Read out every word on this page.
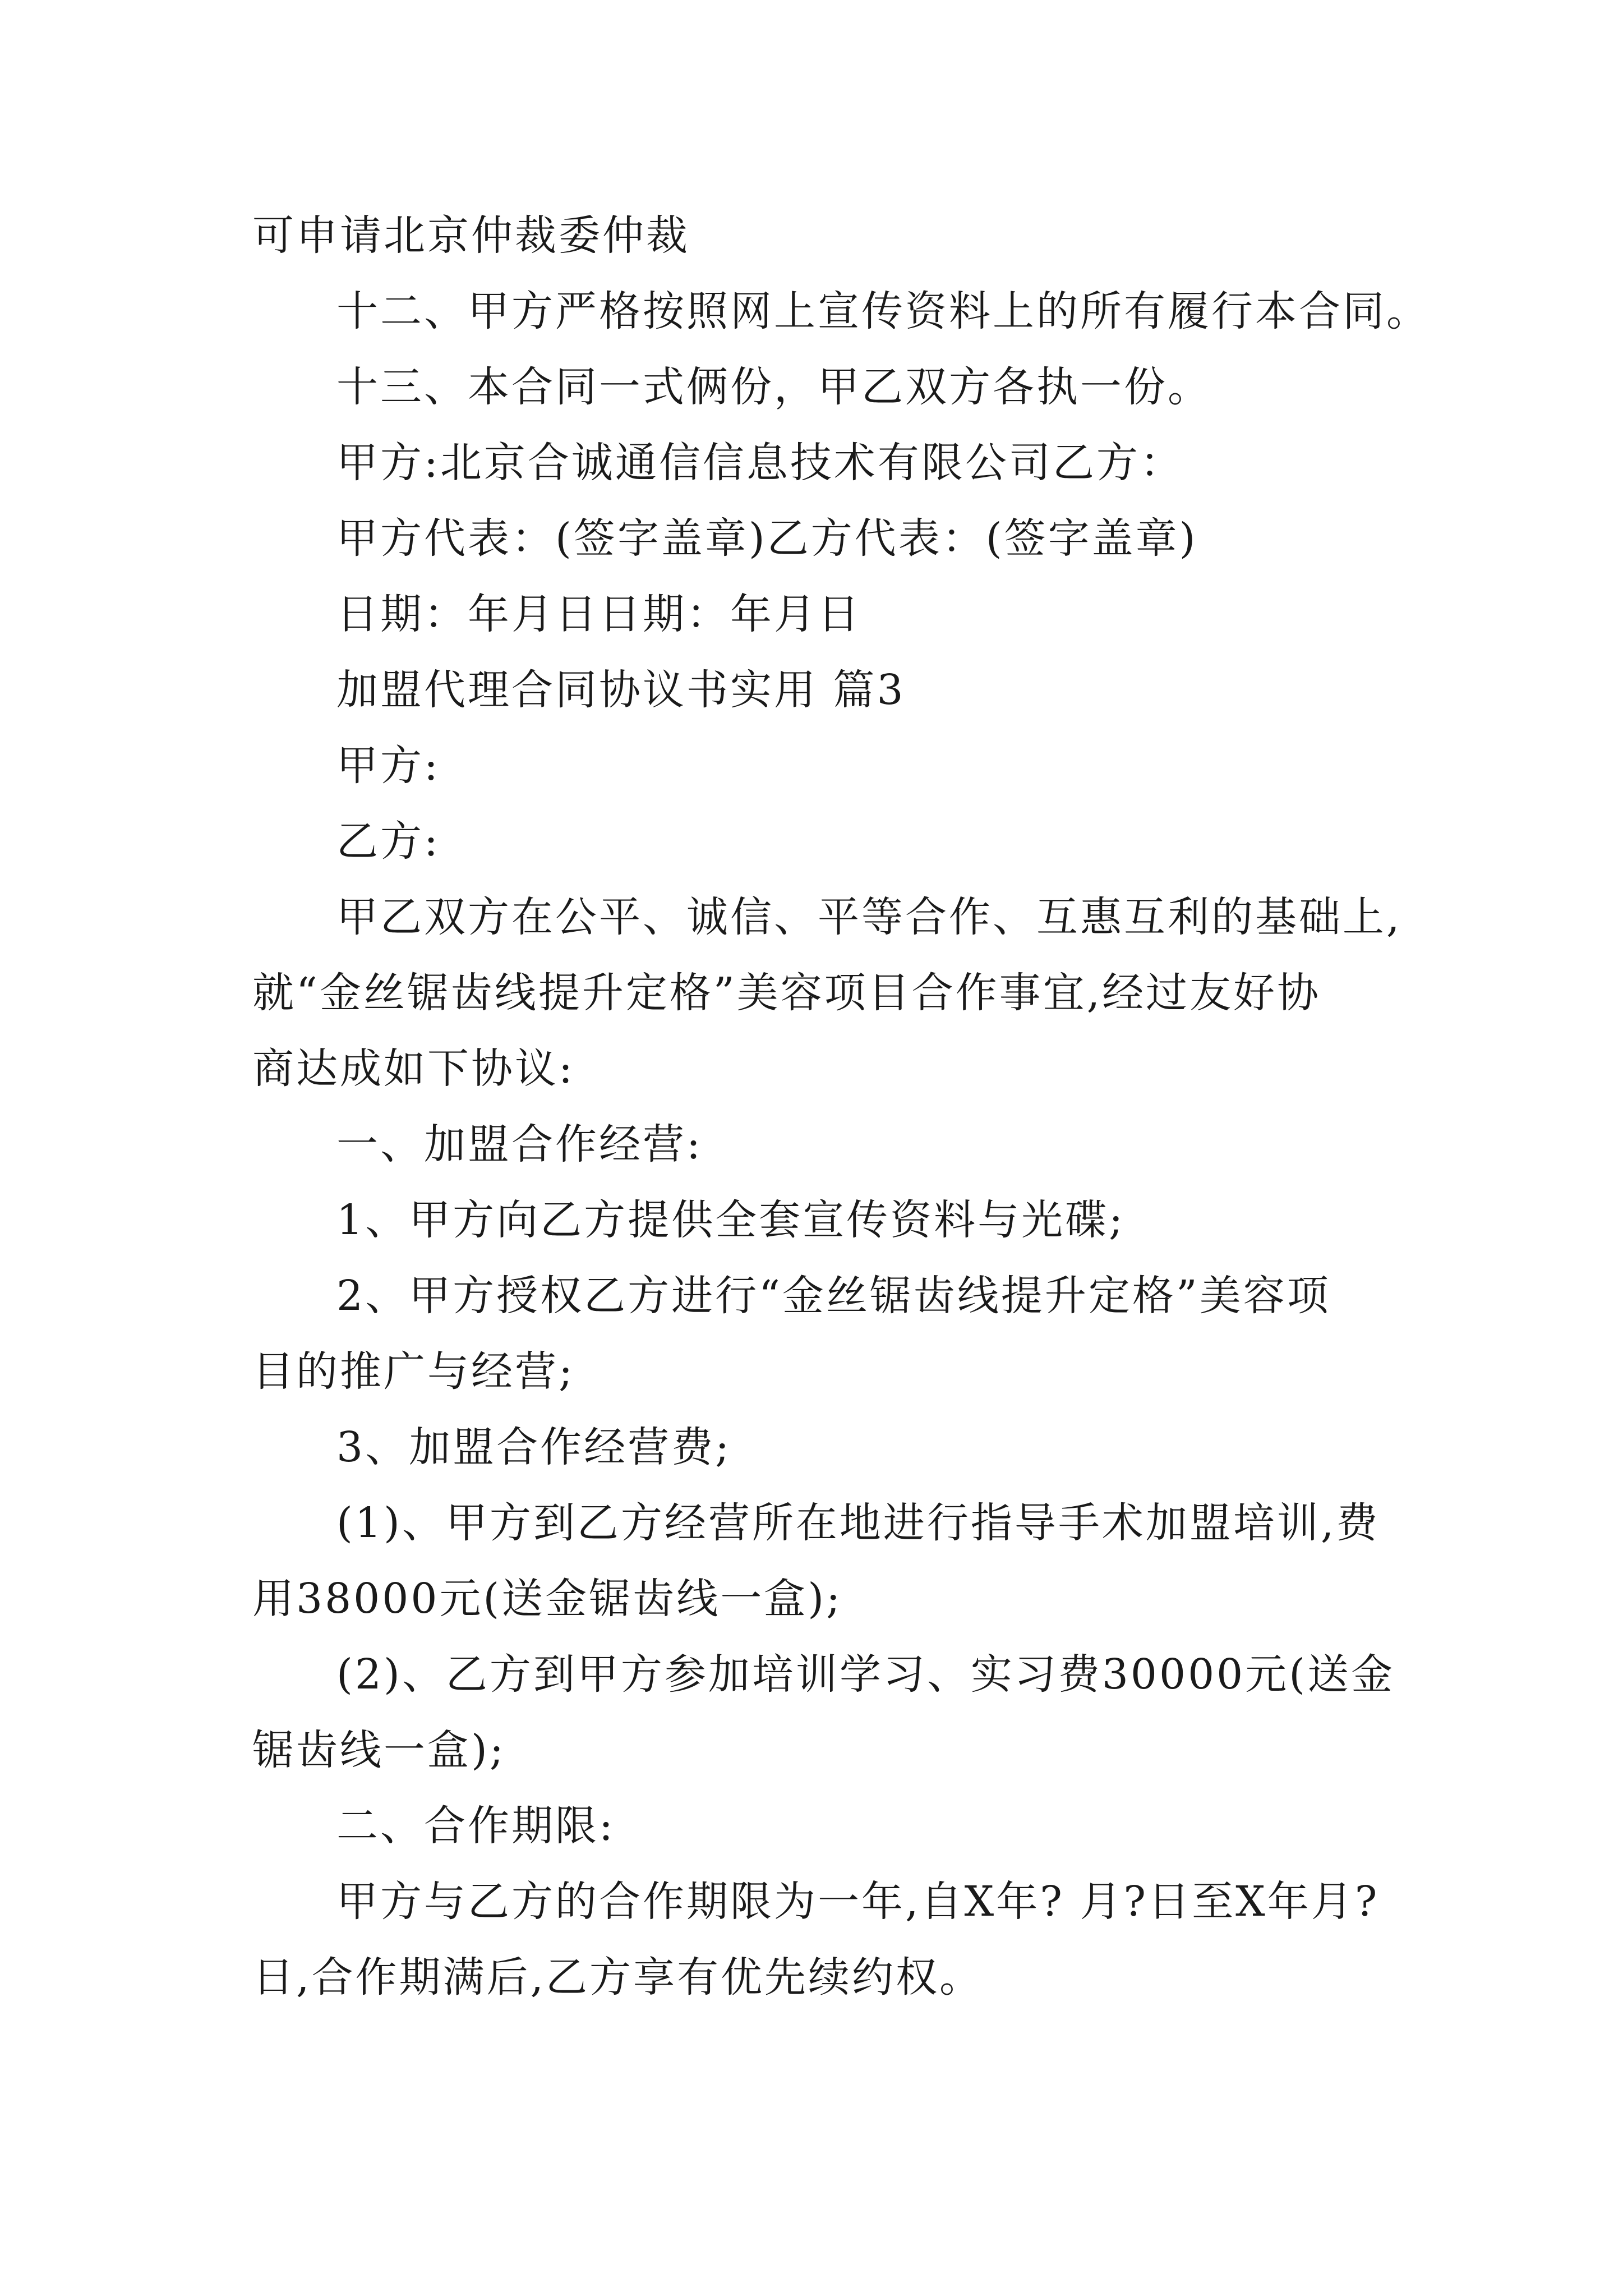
可申请北京仲裁委仲裁
十二、甲方严格按照网上宣传资料上的所有履行本合同。
十三、本合同一式俩份，甲乙双方各执一份。
甲方:北京合诚通信信息技术有限公司乙方：
甲方代表：(签字盖章)乙方代表：(签字盖章)
日期：年月日日期：年月日
加盟代理合同协议书实用 篇3
甲方:
乙方:
甲乙双方在公平、诚信、平等合作、互惠互利的基础上,
就“金丝锯齿线提升定格”美容项目合作事宜,经过友好协
商达成如下协议:
一、加盟合作经营:
1、甲方向乙方提供全套宣传资料与光碟;
2、甲方授权乙方进行“金丝锯齿线提升定格”美容项
目的推广与经营;
3、加盟合作经营费;
(1)、甲方到乙方经营所在地进行指导手术加盟培训,费
用38000元(送金锯齿线一盒);
(2)、乙方到甲方参加培训学习、实习费30000元(送金
锯齿线一盒);
二、合作期限:
甲方与乙方的合作期限为一年,自X年? 月?日至X年月?
日,合作期满后,乙方享有优先续约权。
